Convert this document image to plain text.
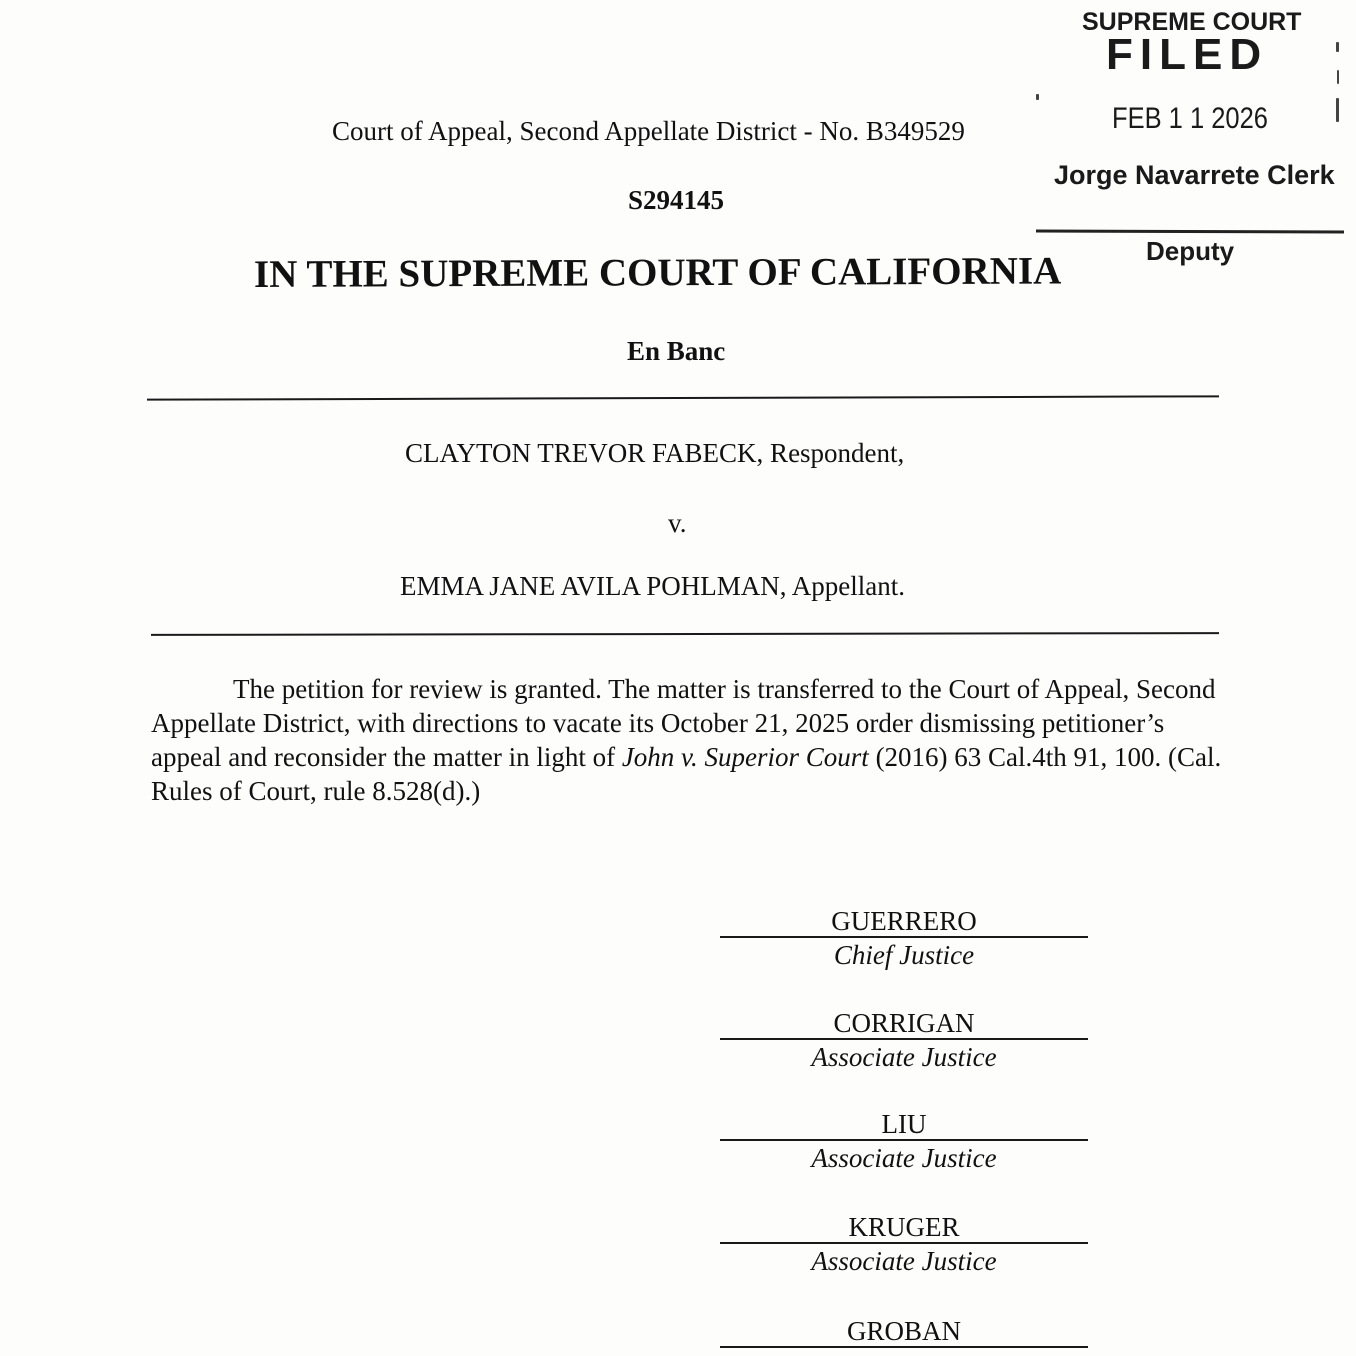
SUPREME COURT
FILED
FEB 1 1 2026
Jorge Navarrete Clerk
Deputy
Court of Appeal, Second Appellate District - No. B349529
S294145
IN THE SUPREME COURT OF CALIFORNIA
En Banc
CLAYTON TREVOR FABECK, Respondent,
v.
EMMA JANE AVILA POHLMAN, Appellant.
The petition for review is granted. The matter is transferred to the Court of Appeal, Second Appellate District, with directions to vacate its October 21, 2025 order dismissing petitioner’s appeal and reconsider the matter in light of John v. Superior Court (2016) 63 Cal.4th 91, 100. (Cal. Rules of Court, rule 8.528(d).)
GUERRERO
Chief Justice
CORRIGAN
Associate Justice
LIU
Associate Justice
KRUGER
Associate Justice
GROBAN
